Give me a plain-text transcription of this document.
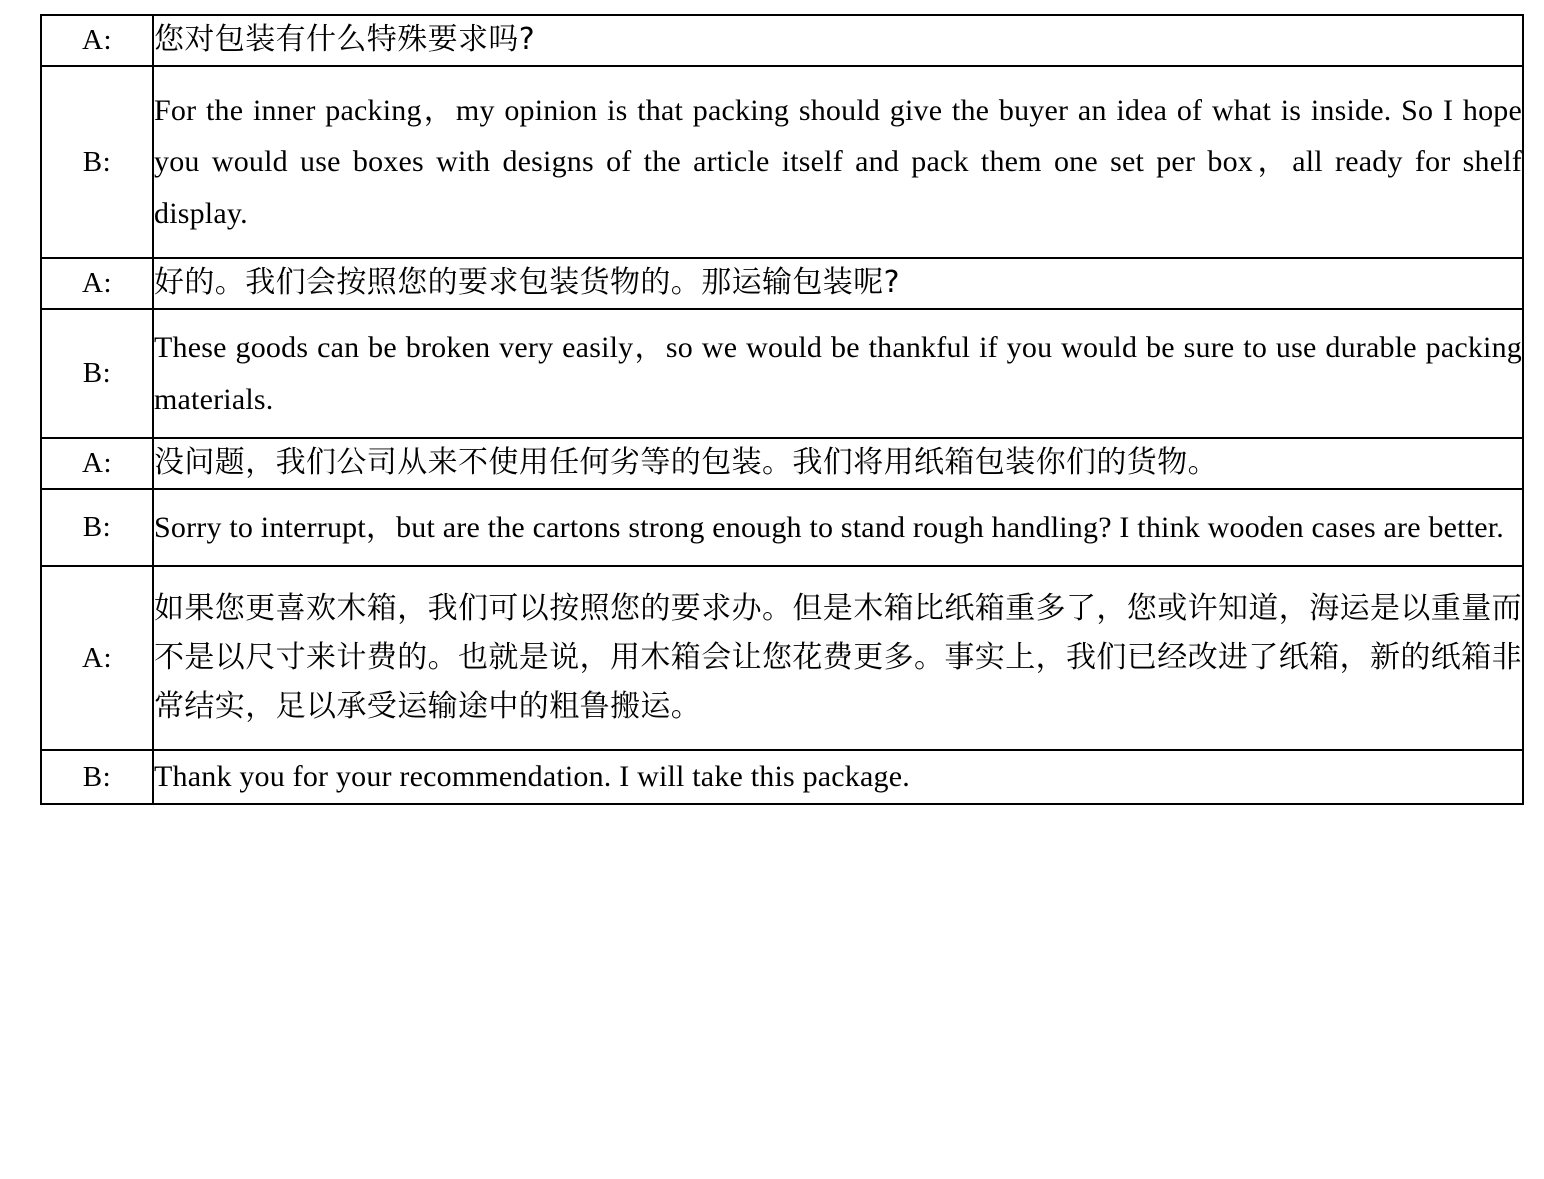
A:	您对包装有什么特殊要求吗?

B:	For the inner packing，my opinion is that packing should give the buyer an idea of what is inside. So I hope you would use boxes with designs of the article itself and pack them one set per box，all ready for shelf display.

A:	好的。我们会按照您的要求包装货物的。那运输包装呢?

B:	These goods can be broken very easily，so we would be thankful if you would be sure to use durable packing materials.

A:	没问题，我们公司从来不使用任何劣等的包装。我们将用纸箱包装你们的货物。

B:	Sorry to interrupt，but are the cartons strong enough to stand rough handling? I think wooden cases are better.

A:	如果您更喜欢木箱，我们可以按照您的要求办。但是木箱比纸箱重多了，您或许知道，海运是以重量而不是以尺寸来计费的。也就是说，用木箱会让您花费更多。事实上，我们已经改进了纸箱，新的纸箱非常结实，足以承受运输途中的粗鲁搬运。

B:	Thank you for your recommendation. I will take this package.
